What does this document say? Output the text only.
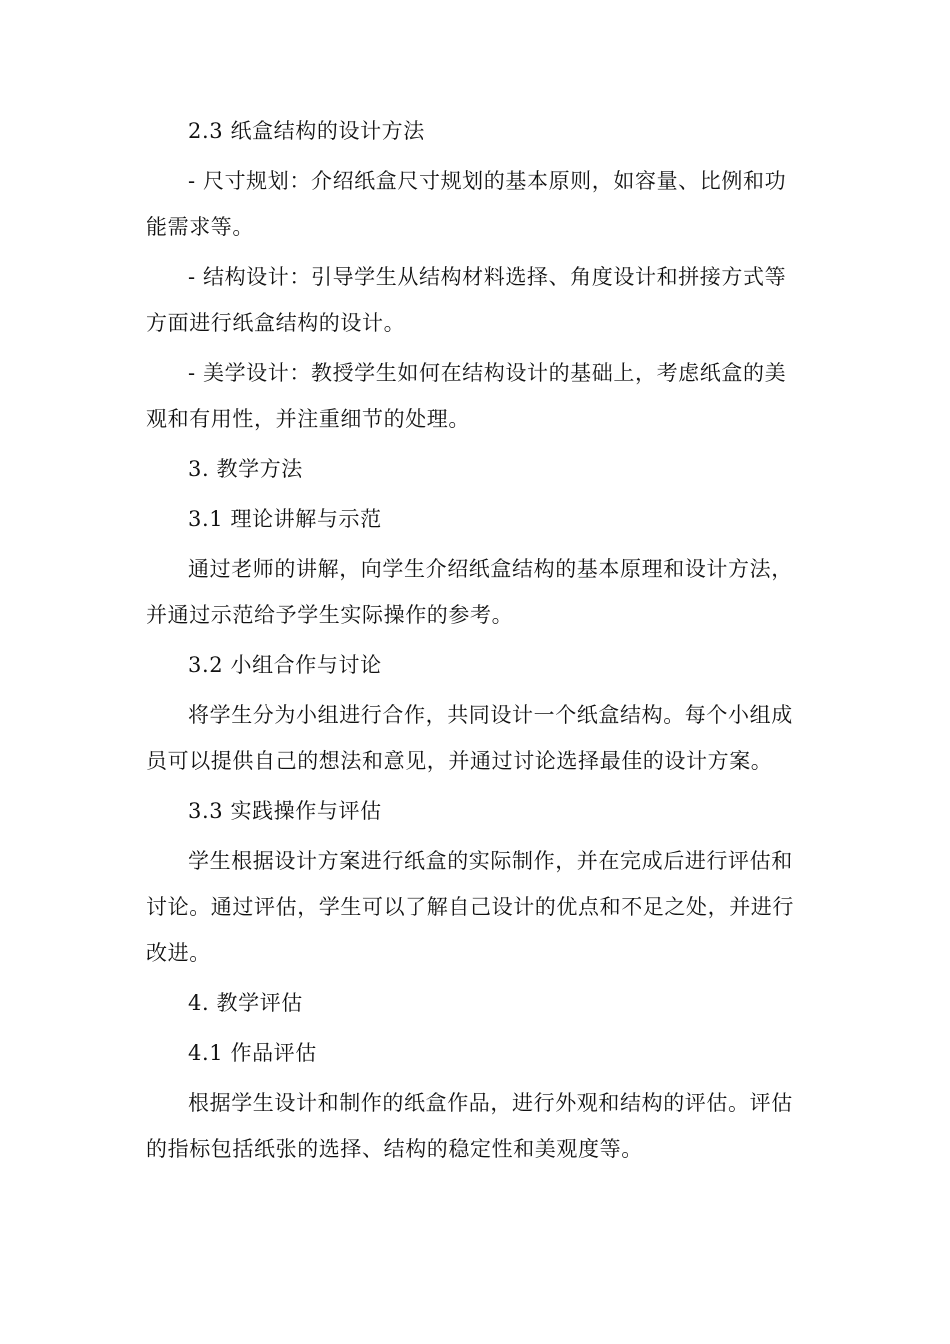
2.3 纸盒结构的设计方法

- 尺寸规划：介绍纸盒尺寸规划的基本原则，如容量、比例和功能需求等。

- 结构设计：引导学生从结构材料选择、角度设计和拼接方式等方面进行纸盒结构的设计。

- 美学设计：教授学生如何在结构设计的基础上，考虑纸盒的美观和有用性，并注重细节的处理。

3. 教学方法

3.1 理论讲解与示范

通过老师的讲解，向学生介绍纸盒结构的基本原理和设计方法，并通过示范给予学生实际操作的参考。

3.2 小组合作与讨论

将学生分为小组进行合作，共同设计一个纸盒结构。每个小组成员可以提供自己的想法和意见，并通过讨论选择最佳的设计方案。

3.3 实践操作与评估

学生根据设计方案进行纸盒的实际制作，并在完成后进行评估和讨论。通过评估，学生可以了解自己设计的优点和不足之处，并进行改进。

4. 教学评估

4.1 作品评估

根据学生设计和制作的纸盒作品，进行外观和结构的评估。评估的指标包括纸张的选择、结构的稳定性和美观度等。
